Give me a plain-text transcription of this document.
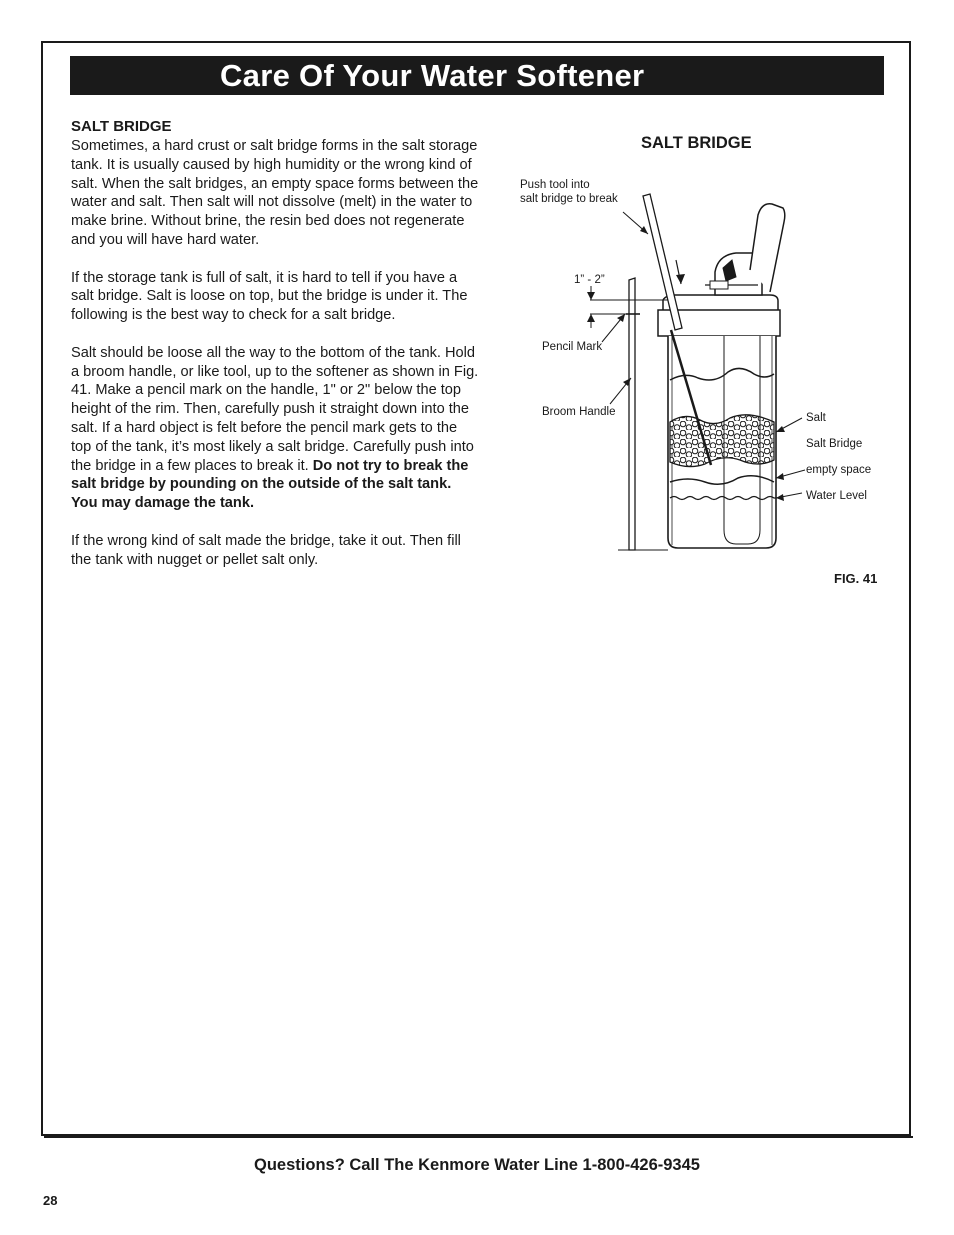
Care Of Your Water Softener
SALT BRIDGE

Sometimes, a hard crust or salt bridge forms in the salt storage tank. It is usually caused by high humidity or the wrong kind of salt. When the salt bridges, an empty space forms between the water and salt. Then salt will not dissolve (melt) in the water to make brine. Without brine, the resin bed does not regenerate and you will have hard water.

If the storage tank is full of salt, it is hard to tell if you have a salt bridge. Salt is loose on top, but the bridge is under it. The following is the best way to check for a salt bridge.

Salt should be loose all the way to the bottom of the tank. Hold a broom handle, or like tool, up to the softener as shown in Fig. 41. Make a pencil mark on the handle, 1" or 2" below the top height of the rim. Then, carefully push it straight down into the salt. If a hard object is felt before the pencil mark gets to the top of the tank, it’s most likely a salt bridge. Carefully push into the bridge in a few places to break it. Do not try to break the salt bridge by pounding on the outside of the salt tank. You may damage the tank.

If the wrong kind of salt made the bridge, take it out. Then fill the tank with nugget or pellet salt only.

SALT BRIDGE
Push tool into
salt bridge to break
1” - 2”
Pencil Mark
Broom Handle	Salt
Salt Bridge
empty space
Water Level
FIG. 41
Questions? Call The Kenmore Water Line 1-800-426-9345
28
